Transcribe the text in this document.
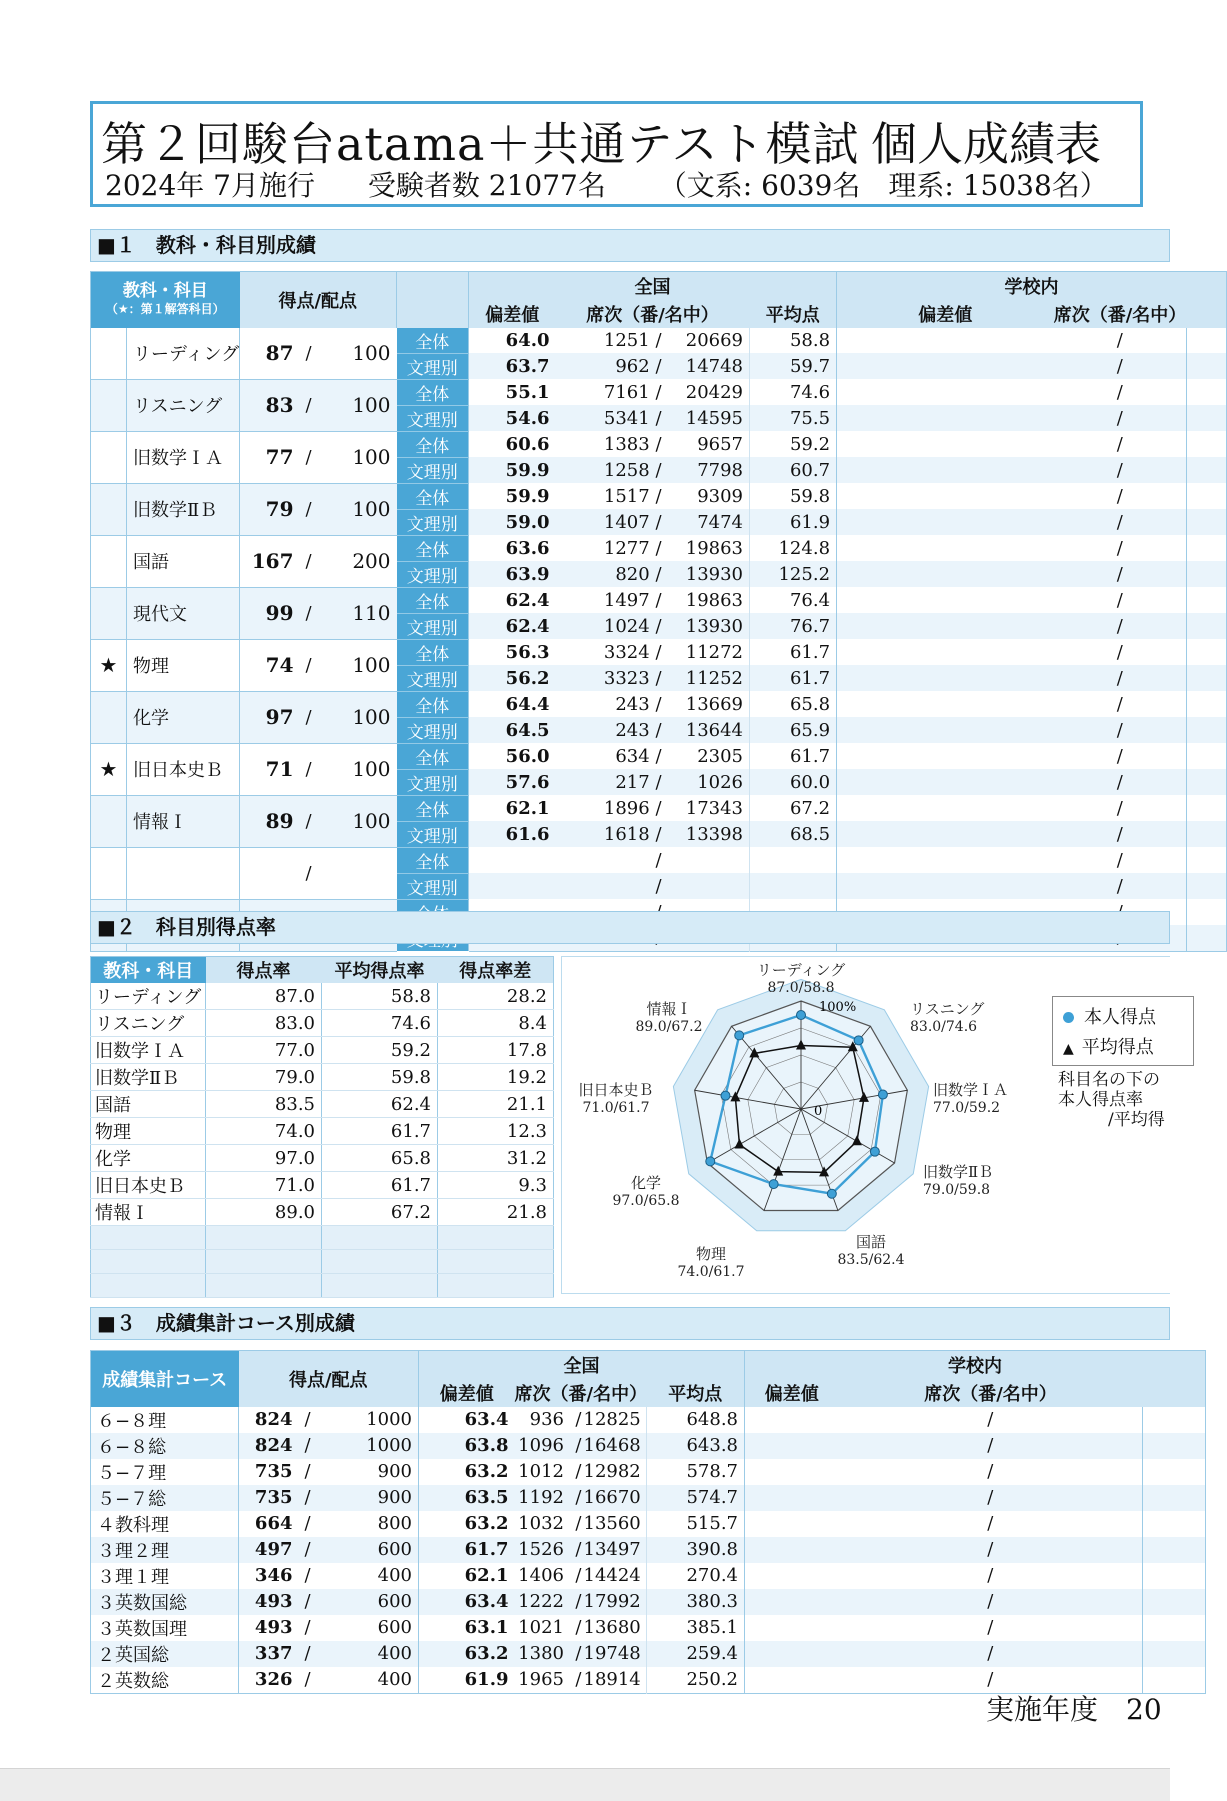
第２回駿台atama＋共通テスト模試 個人成績表
2024年 7月施行 受験者数 21077名 （文系: 6039名　理系: 15038名）
■１　教科・科目別成績
教科・科目
（★：第１解答科目）		得点/配点				全国				学校内		
						偏差値	席次（番/名中）		平均点	偏差値	席次（番/名中）	
	リーディング	87	/	100	全体	64.0	1251 /	20669	58.8		/	
					文理別	63.7	962 /	14748	59.7		/	
	リスニング	83	/	100	全体	55.1	7161 /	20429	74.6		/	
					文理別	54.6	5341 /	14595	75.5		/	
	旧数学ＩＡ	77	/	100	全体	60.6	1383 /	9657	59.2		/	
					文理別	59.9	1258 /	7798	60.7		/	
	旧数学ⅡＢ	79	/	100	全体	59.9	1517 /	9309	59.8		/	
					文理別	59.0	1407 /	7474	61.9		/	
	国語	167	/	200	全体	63.6	1277 /	19863	124.8		/	
					文理別	63.9	820 /	13930	125.2		/	
	現代文	99	/	110	全体	62.4	1497 /	19863	76.4		/	
					文理別	62.4	1024 /	13930	76.7		/	
★	物理	74	/	100	全体	56.3	3324 /	11272	61.7		/	
					文理別	56.2	3323 /	11252	61.7		/	
	化学	97	/	100	全体	64.4	243 /	13669	65.8		/	
					文理別	64.5	243 /	13644	65.9		/	
★	旧日本史Ｂ	71	/	100	全体	56.0	634 /	2305	61.7		/	
					文理別	57.6	217 /	1026	60.0		/	
	情報Ｉ	89	/	100	全体	62.1	1896 /	17343	67.2		/	
					文理別	61.6	1618 /	13398	68.5		/	
			/		全体		/				/	
					文理別		/				/	

■２　科目別得点率
教科・科目	得点率	平均得点率	得点率差
リーディング	87.0	58.8	28.2
リスニング	83.0	74.6	8.4
旧数学ＩＡ	77.0	59.2	17.8
旧数学ⅡＢ	79.0	59.8	19.2
国語	83.5	62.4	21.1
物理	74.0	61.7	12.3
化学	97.0	65.8	31.2
旧日本史Ｂ	71.0	61.7	9.3
情報Ｉ	89.0	67.2	21.8

100%
0
リーディング
87.0/58.8
リスニング
83.0/74.6
旧数学ＩＡ
77.0/59.2
旧数学ⅡＢ
79.0/59.8
国語
83.5/62.4
物理
74.0/61.7
化学
97.0/65.8
旧日本史Ｂ
71.0/61.7
情報Ｉ
89.0/67.2	本人得点
▲ 平均得点
科目名の下の
本人得点率
/平均得
■３　成績集計コース別成績
成績集計コース	得点/配点			全国				学校内		
				偏差値	席次（番/名中）		平均点	偏差値	席次（番/名中）	
６−８理	824	/	1000	63.4	936  /	12825	648.8		/	
６−８総	824	/	1000	63.8	1096  /	16468	643.8		/	
５−７理	735	/	900	63.2	1012  /	12982	578.7		/	
５−７総	735	/	900	63.5	1192  /	16670	574.7		/	
４教科理	664	/	800	63.2	1032  /	13560	515.7		/	
３理２理	497	/	600	61.7	1526  /	13497	390.8		/	
３理１理	346	/	400	62.1	1406  /	14424	270.4		/	
３英数国総	493	/	600	63.4	1222  /	17992	380.3		/	
３英数国理	493	/	600	63.1	1021  /	13680	385.1		/	
２英国総	337	/	400	63.2	1380  /	19748	259.4		/	
２英数総	326	/	400	61.9	1965  /	18914	250.2		/	
実施年度　20
